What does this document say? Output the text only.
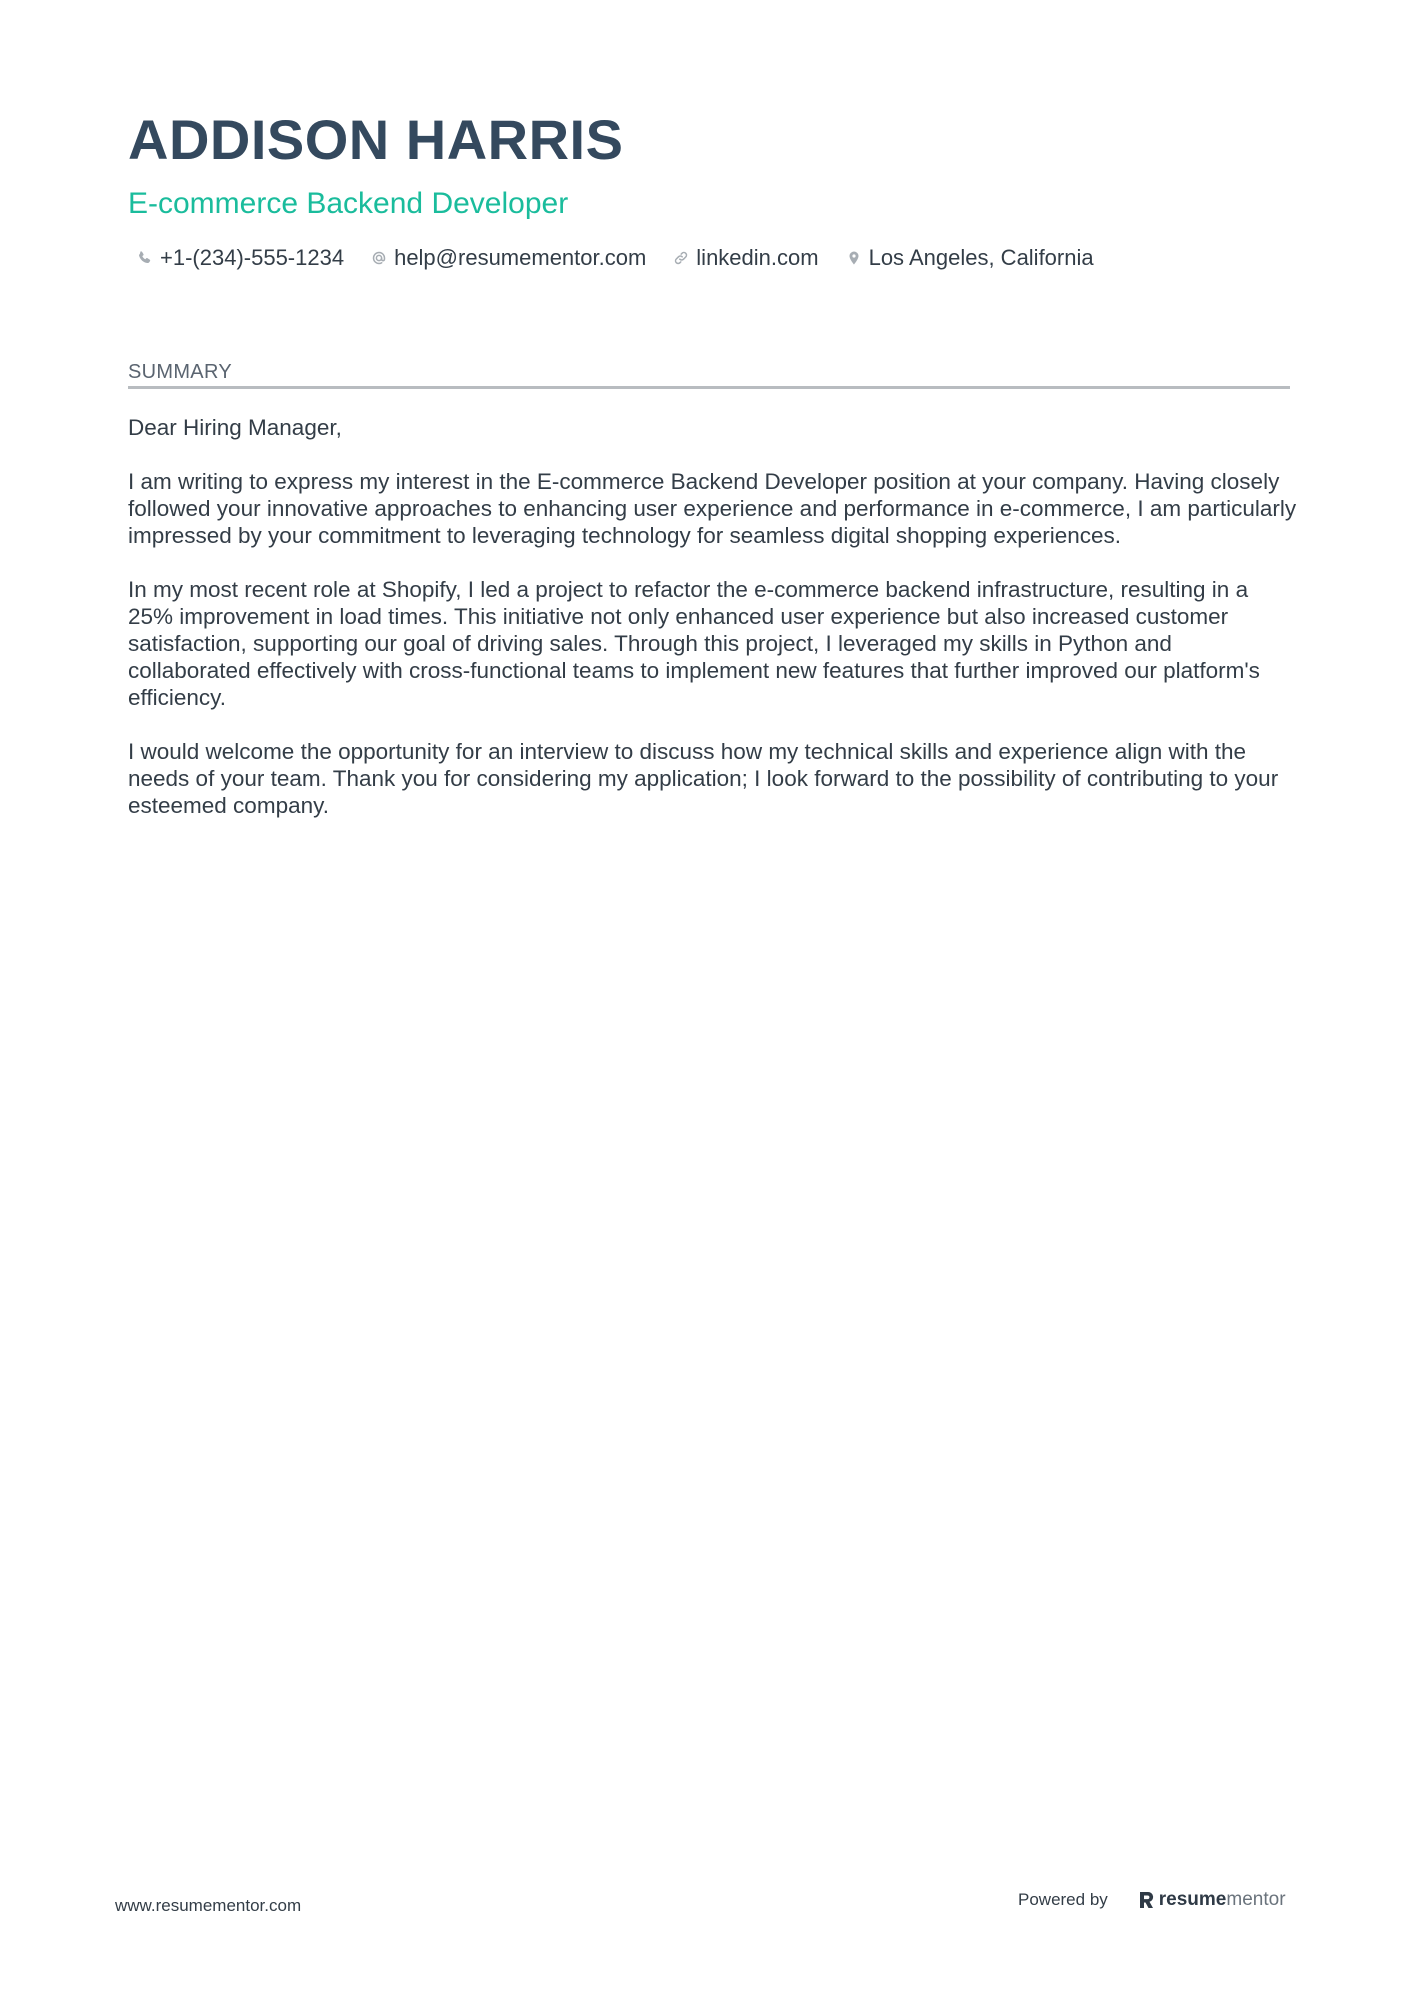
ADDISON HARRIS
E-commerce Backend Developer
+1-(234)-555-1234 help@resumementor.com linkedin.com Los Angeles, California
SUMMARY

Dear Hiring Manager,

I am writing to express my interest in the E-commerce Backend Developer position at your company. Having closely followed your innovative approaches to enhancing user experience and performance in e-commerce, I am particularly impressed by your commitment to leveraging technology for seamless digital shopping experiences.

In my most recent role at Shopify, I led a project to refactor the e-commerce backend infrastructure, resulting in a 25% improvement in load times. This initiative not only enhanced user experience but also increased customer satisfaction, supporting our goal of driving sales. Through this project, I leveraged my skills in Python and collaborated effectively with cross-functional teams to implement new features that further improved our platform's efficiency.

I would welcome the opportunity for an interview to discuss how my technical skills and experience align with the needs of your team. Thank you for considering my application; I look forward to the possibility of contributing to your esteemed company.

www.resumementor.com	Powered by	resume mentor
